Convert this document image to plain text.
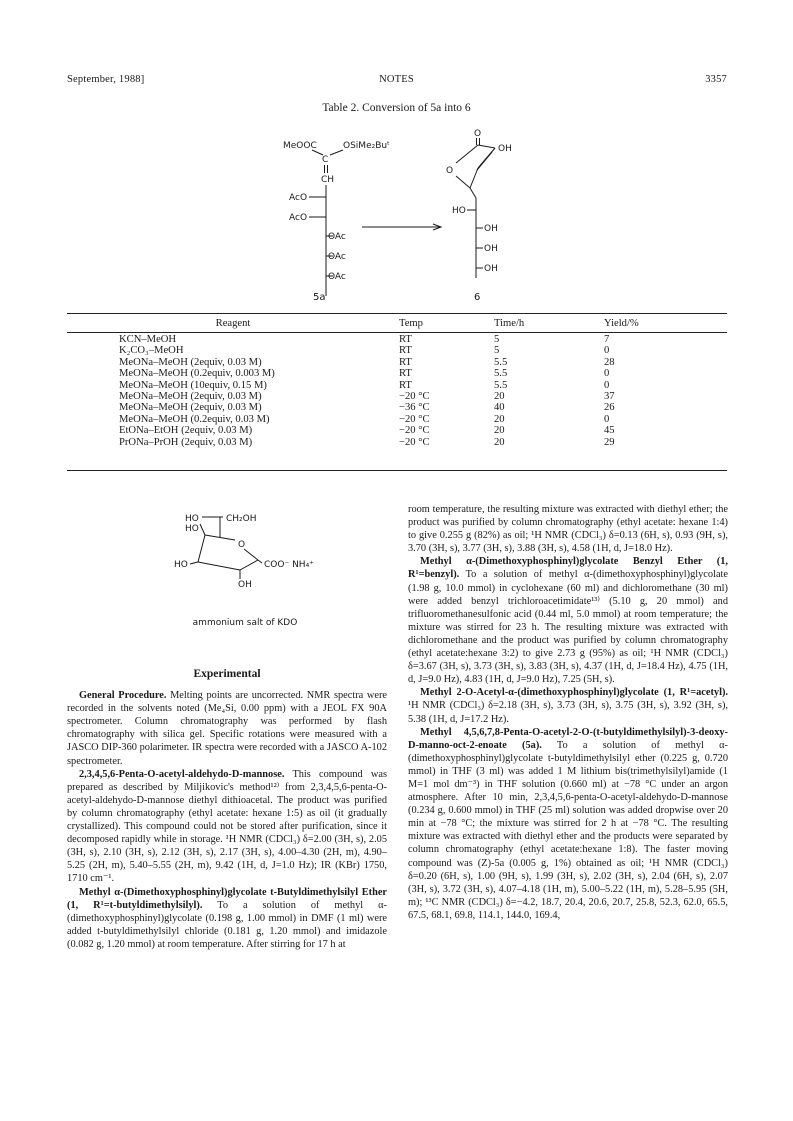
September, 1988]	NOTES	3357
Table 2. Conversion of 5a into 6
MeOOC	OSiMe₂Buᵗ
C
CH
AcO
AcO
OAc
OAc
OAc
O
OH
O
HO
OH
OH
OH
5a	6
Reagent	Temp	Time/h	Yield/%
KCN–MeOH	RT	5	7
K₂CO₃–MeOH	RT	5	0
MeONa–MeOH (2equiv, 0.03 M)	RT	5.5	28
MeONa–MeOH (0.2equiv, 0.003 M)	RT	5.5	0
MeONa–MeOH (10equiv, 0.15 M)	RT	5.5	0
MeONa–MeOH (2equiv, 0.03 M)	−20 °C	20	37
MeONa–MeOH (2equiv, 0.03 M)	−36 °C	40	26
MeONa–MeOH (0.2equiv, 0.03 M)	−20 °C	20	0
EtONa–EtOH (2equiv, 0.03 M)	−20 °C	20	45
PrONa–PrOH (2equiv, 0.03 M)	−20 °C	20	29
HO	CH₂OH
HO
O
HO	COO⁻ NH₄⁺
OH
ammonium salt of KDO

Experimental

General Procedure. Melting points are uncorrected. NMR spectra were recorded in the solvents noted (Me₄Si, 0.00 ppm) with a JEOL FX 90A spectrometer. Column chromatography was performed by flash chromatography with silica gel. Specific rotations were measured with a JASCO DIP-360 polarimeter. IR spectra were recorded with a JASCO A-102 spectrometer.

2,3,4,5,6-Penta-O-acetyl-aldehydo-D-mannose. This compound was prepared as described by Miljikovic's method¹²⁾ from 2,3,4,5,6-penta-O-acetyl-aldehydo-D-mannose diethyl dithioacetal. The product was purified by column chromatography (ethyl acetate: hexane 1:5) as oil (it gradually crystallized). This compound could not be stored after purification, since it decomposed rapidly while in storage. ¹H NMR (CDCl₃) δ=2.00 (3H, s), 2.05 (3H, s), 2.10 (3H, s), 2.12 (3H, s), 2.17 (3H, s), 4.00–4.30 (2H, m), 4.90–5.25 (2H, m), 5.40–5.55 (2H, m), 9.42 (1H, d, J=1.0 Hz); IR (KBr) 1750, 1710 cm⁻¹.

Methyl α-(Dimethoxyphosphinyl)glycolate t-Butyldimethylsilyl Ether (1, R¹=t-butyldimethylsilyl). To a solution of methyl α-(dimethoxyphosphinyl)glycolate (0.198 g, 1.00 mmol) in DMF (1 ml) were added t-butyldimethylsilyl chloride (0.181 g, 1.20 mmol) and imidazole (0.082 g, 1.20 mmol) at room temperature. After stirring for 17 h at

room temperature, the resulting mixture was extracted with diethyl ether; the product was purified by column chromatography (ethyl acetate: hexane 1:4) to give 0.255 g (82%) as oil; ¹H NMR (CDCl₃) δ=0.13 (6H, s), 0.93 (9H, s), 3.70 (3H, s), 3.77 (3H, s), 3.88 (3H, s), 4.58 (1H, d, J=18.0 Hz).

Methyl α-(Dimethoxyphosphinyl)glycolate Benzyl Ether (1, R¹=benzyl). To a solution of methyl α-(dimethoxyphosphinyl)glycolate (1.98 g, 10.0 mmol) in cyclohexane (60 ml) and dichloromethane (30 ml) were added benzyl trichloroacetimidate¹³⁾ (5.10 g, 20 mmol) and trifluoromethanesulfonic acid (0.44 ml, 5.0 mmol) at room temperature; the mixture was stirred for 23 h. The resulting mixture was extracted with dichloromethane and the product was purified by column chromatography (ethyl acetate:hexane 3:2) to give 2.73 g (95%) as oil; ¹H NMR (CDCl₃) δ=3.67 (3H, s), 3.73 (3H, s), 3.83 (3H, s), 4.37 (1H, d, J=18.4 Hz), 4.75 (1H, d, J=9.0 Hz), 4.83 (1H, d, J=9.0 Hz), 7.25 (5H, s).

Methyl 2-O-Acetyl-α-(dimethoxyphosphinyl)glycolate (1, R¹=acetyl). ¹H NMR (CDCl₃) δ=2.18 (3H, s), 3.73 (3H, s), 3.75 (3H, s), 3.92 (3H, s), 5.38 (1H, d, J=17.2 Hz).

Methyl 4,5,6,7,8-Penta-O-acetyl-2-O-(t-butyldimethylsilyl)-3-deoxy-D-manno-oct-2-enoate (5a). To a solution of methyl α-(dimethoxyphosphinyl)glycolate t-butyldimethylsilyl ether (0.225 g, 0.720 mmol) in THF (3 ml) was added 1 M lithium bis(trimethylsilyl)amide (1 M=1 mol dm⁻³) in THF solution (0.660 ml) at −78 °C under an argon atmosphere. After 10 min, 2,3,4,5,6-penta-O-acetyl-aldehydo-D-mannose (0.234 g, 0.600 mmol) in THF (25 ml) solution was added dropwise over 20 min at −78 °C; the mixture was stirred for 2 h at −78 °C. The resulting mixture was extracted with diethyl ether and the products were separated by column chromatography (ethyl acetate:hexane 1:8). The faster moving compound was (Z)-5a (0.005 g, 1%) obtained as oil; ¹H NMR (CDCl₃) δ=0.20 (6H, s), 1.00 (9H, s), 1.99 (3H, s), 2.02 (3H, s), 2.04 (6H, s), 2.07 (3H, s), 3.72 (3H, s), 4.07–4.18 (1H, m), 5.00–5.22 (1H, m), 5.28–5.95 (5H, m); ¹³C NMR (CDCl₃) δ=−4.2, 18.7, 20.4, 20.6, 20.7, 25.8, 52.3, 62.0, 65.5, 67.5, 68.1, 69.8, 114.1, 144.0, 169.4,
